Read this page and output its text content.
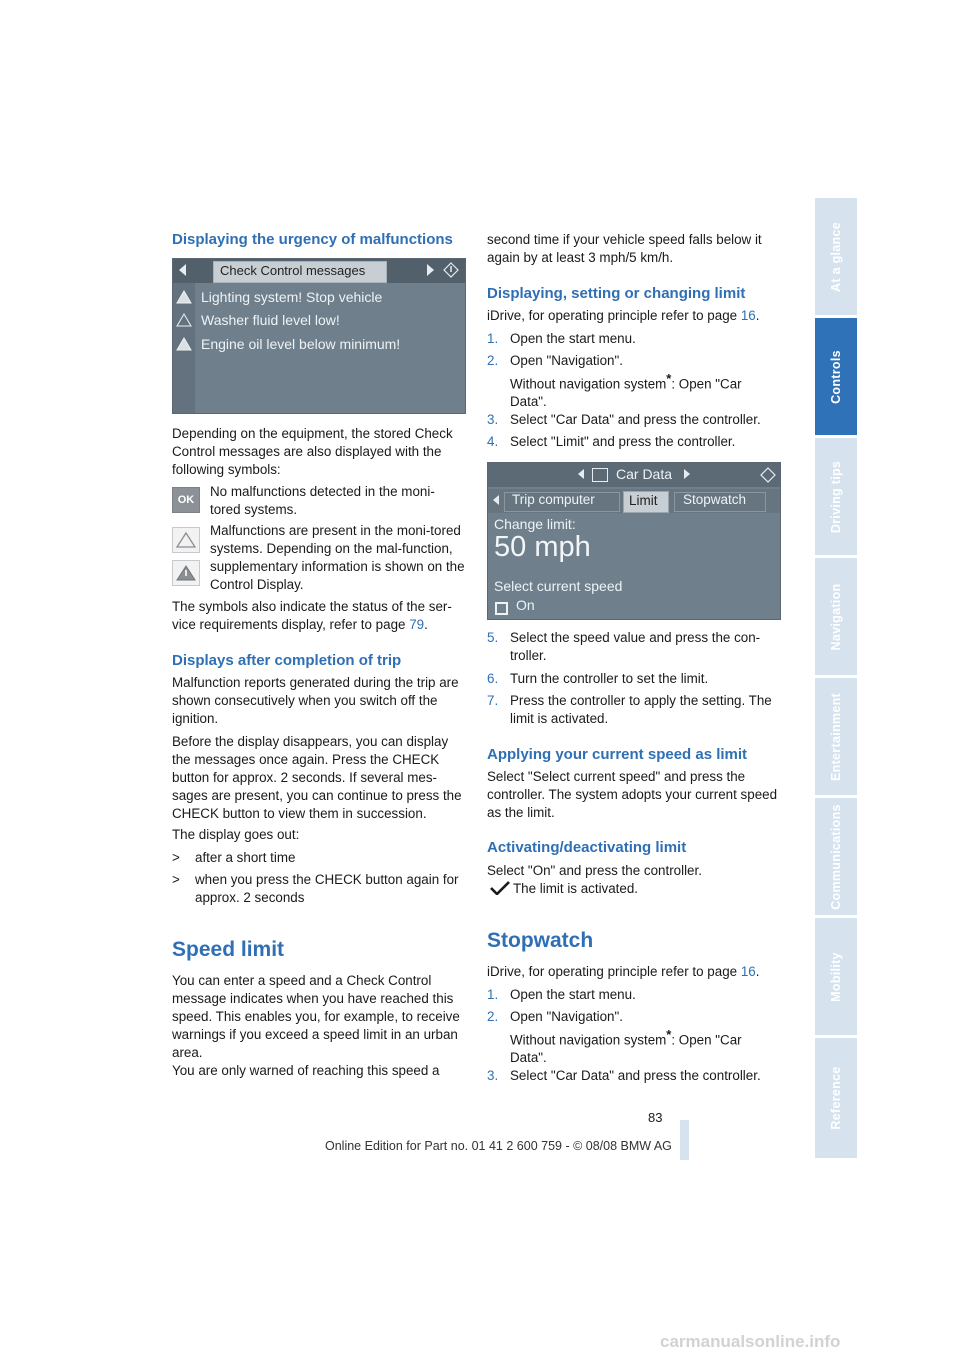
At a glance
Controls
Driving tips
Navigation
Entertainment
Communications
Mobility
Reference
Displaying the urgency of malfunctions
Check Control messages
Lighting system! Stop vehicle
Washer fluid level low!
Engine oil level below minimum!
Depending on the equipment, the stored Check Control messages are also displayed with the following symbols:
OK
No malfunctions detected in the moni-tored systems.
Malfunctions are present in the moni-tored systems. Depending on the mal-function, supplementary information is shown on the Control Display.
The symbols also indicate the status of the ser-vice requirements display, refer to page 79.
Displays after completion of trip
Malfunction reports generated during the trip are shown consecutively when you switch off the ignition.
Before the display disappears, you can display the messages once again. Press the CHECK button for approx. 2 seconds. If several mes-sages are present, you can continue to press the CHECK button to view them in succession.
The display goes out:
> after a short time
> when you press the CHECK button again for approx. 2 seconds
Speed limit
You can enter a speed and a Check Control message indicates when you have reached this speed. This enables you, for example, to receive warnings if you exceed a speed limit in an urban area.
You are only warned of reaching this speed a
second time if your vehicle speed falls below it again by at least 3 mph/5 km/h.
Displaying, setting or changing limit
iDrive, for operating principle refer to page 16.
1. Open the start menu.
2. Open "Navigation".
Without navigation system*: Open "Car Data".
3. Select "Car Data" and press the controller.
4. Select "Limit" and press the controller.
Car Data
Trip computer	Limit Stopwatch
Change limit:
50 mph
Select current speed
On
5. Select the speed value and press the con-troller.
6. Turn the controller to set the limit.
7. Press the controller to apply the setting. The limit is activated.
Applying your current speed as limit
Select "Select current speed" and press the controller. The system adopts your current speed as the limit.
Activating/deactivating limit
Select "On" and press the controller.
The limit is activated.
Stopwatch
iDrive, for operating principle refer to page 16.
1. Open the start menu.
2. Open "Navigation".
Without navigation system*: Open "Car Data".
3. Select "Car Data" and press the controller.
83
Online Edition for Part no. 01 41 2 600 759 - © 08/08 BMW AG
carmanualsonline.info
